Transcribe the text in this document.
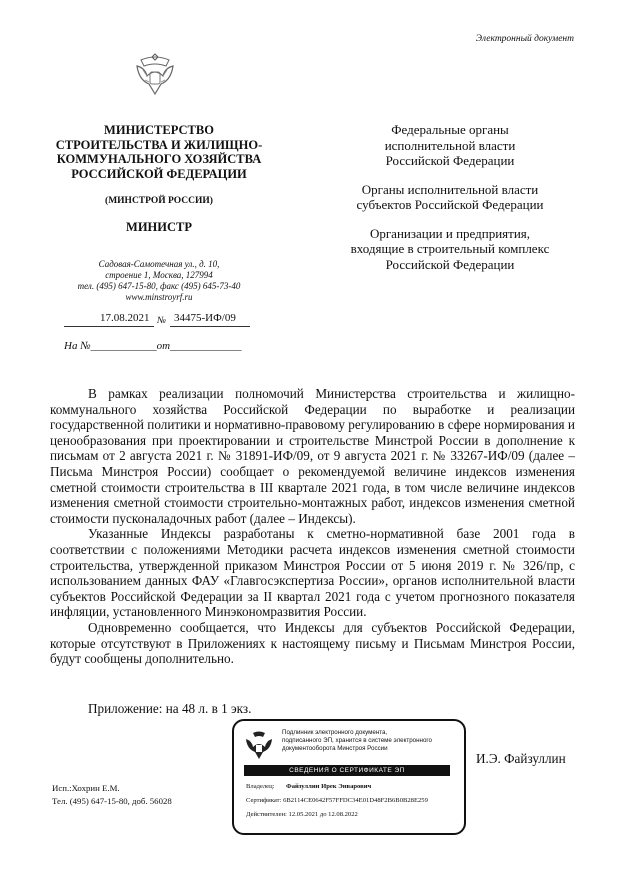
Электронный документ
МИНИСТЕРСТВО
СТРОИТЕЛЬСТВА И ЖИЛИЩНО-
КОММУНАЛЬНОГО ХОЗЯЙСТВА
РОССИЙСКОЙ ФЕДЕРАЦИИ
(МИНСТРОЙ РОССИИ)
МИНИСТР
Садовая-Самотечная ул., д. 10,
строение 1, Москва, 127994
тел. (495) 647-15-80, факс (495) 645-73-40
www.minstroyrf.ru
17.08.2021 № 34475-ИФ/09
На №____________от_____________
Федеральные органы
исполнительной власти
Российской Федерации
Органы исполнительной власти
субъектов Российской Федерации
Организации и предприятия,
входящие в строительный комплекс
Российской Федерации

В рамках реализации полномочий Министерства строительства и жилищно-коммунального хозяйства Российской Федерации по выработке и реализации государственной политики и нормативно-правовому регулированию в сфере нормирования и ценообразования при проектировании и строительстве Минстрой России в дополнение к письмам от 2 августа 2021 г. № 31891-ИФ/09, от 9 августа 2021 г. № 33267-ИФ/09 (далее – Письма Минстроя России) сообщает о рекомендуемой величине индексов изменения сметной стоимости строительства в III квартале 2021 года, в том числе величине индексов изменения сметной стоимости строительно-монтажных работ, индексов изменения сметной стоимости пусконаладочных работ (далее – Индексы).

Указанные Индексы разработаны к сметно-нормативной базе 2001 года в соответствии с положениями Методики расчета индексов изменения сметной стоимости строительства, утвержденной приказом Минстроя России от 5 июня 2019 г. № 326/пр, с использованием данных ФАУ «Главгосэкспертиза России», органов исполнительной власти субъектов Российской Федерации за II квартал 2021 года с учетом прогнозного показателя инфляции, установленного Минэкономразвития России.

Одновременно сообщается, что Индексы для субъектов Российской Федерации, которые отсутствуют в Приложениях к настоящему письму и Письмам Минстроя России, будут сообщены дополнительно.

Приложение: на 48 л. в 1 экз.
Подлинник электронного документа,
подписанного ЭП, хранится в системе электронного
документооборота Минстроя России
СВЕДЕНИЯ О СЕРТИФИКАТЕ ЭП
Владелец: Файзуллин Ирек Энварович
Сертификат: 6B2114CE0642F57FFDC34E01D48F2B6B0B28E259
Действителен: 12.05.2021 до 12.08.2022
И.Э. Файзуллин
Исп.:Хохрин Е.М.
Тел. (495) 647-15-80, доб. 56028
